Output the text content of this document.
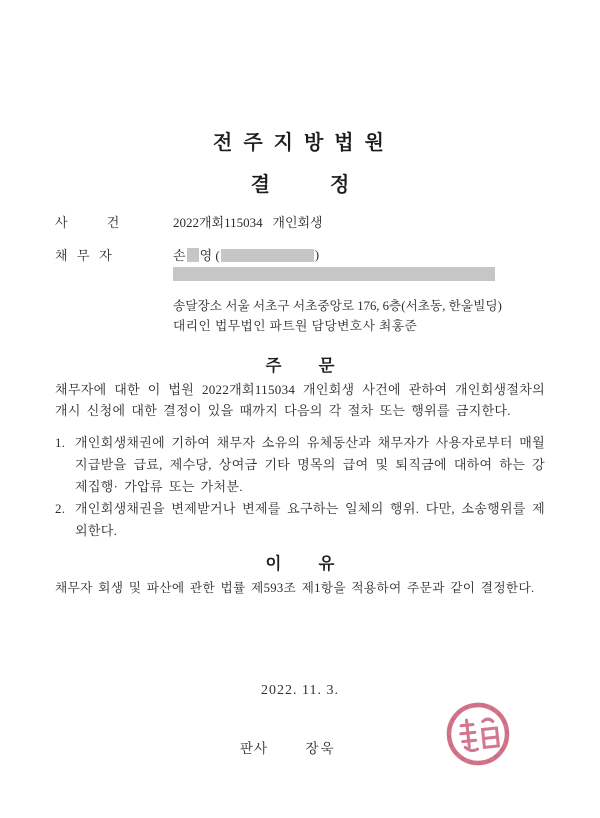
전 주 지 방 법 원
결            정
사         건	2022개회115034   개인회생
채  무  자	손 영 (	)
송달장소 서울 서초구 서초중앙로 176, 6층(서초동, 한울빌딩)
대리인 법무법인 파트원 담당변호사 최홍준
주         문
채무자에 대한 이 법원 2022개회115034 개인회생 사건에 관하여 개인회생절차의 개시 신청에 대한 결정이 있을 때까지 다음의 각 절차 또는 행위를 금지한다.
1. 개인회생채권에 기하여 채무자 소유의 유체동산과 채무자가 사용자로부터 매월 지급받을 급료, 제수당, 상여금 기타 명목의 급여 및 퇴직금에 대하여 하는 강제집행· 가압류 또는 가처분.
2. 개인회생채권을 변제받거나 변제를 요구하는 일체의 행위. 다만, 소송행위를 제외한다.
이         유
채무자 회생 및 파산에 관한 법률 제593조 제1항을 적용하여 주문과 같이 결정한다.
2022. 11. 3.
판사	장욱
